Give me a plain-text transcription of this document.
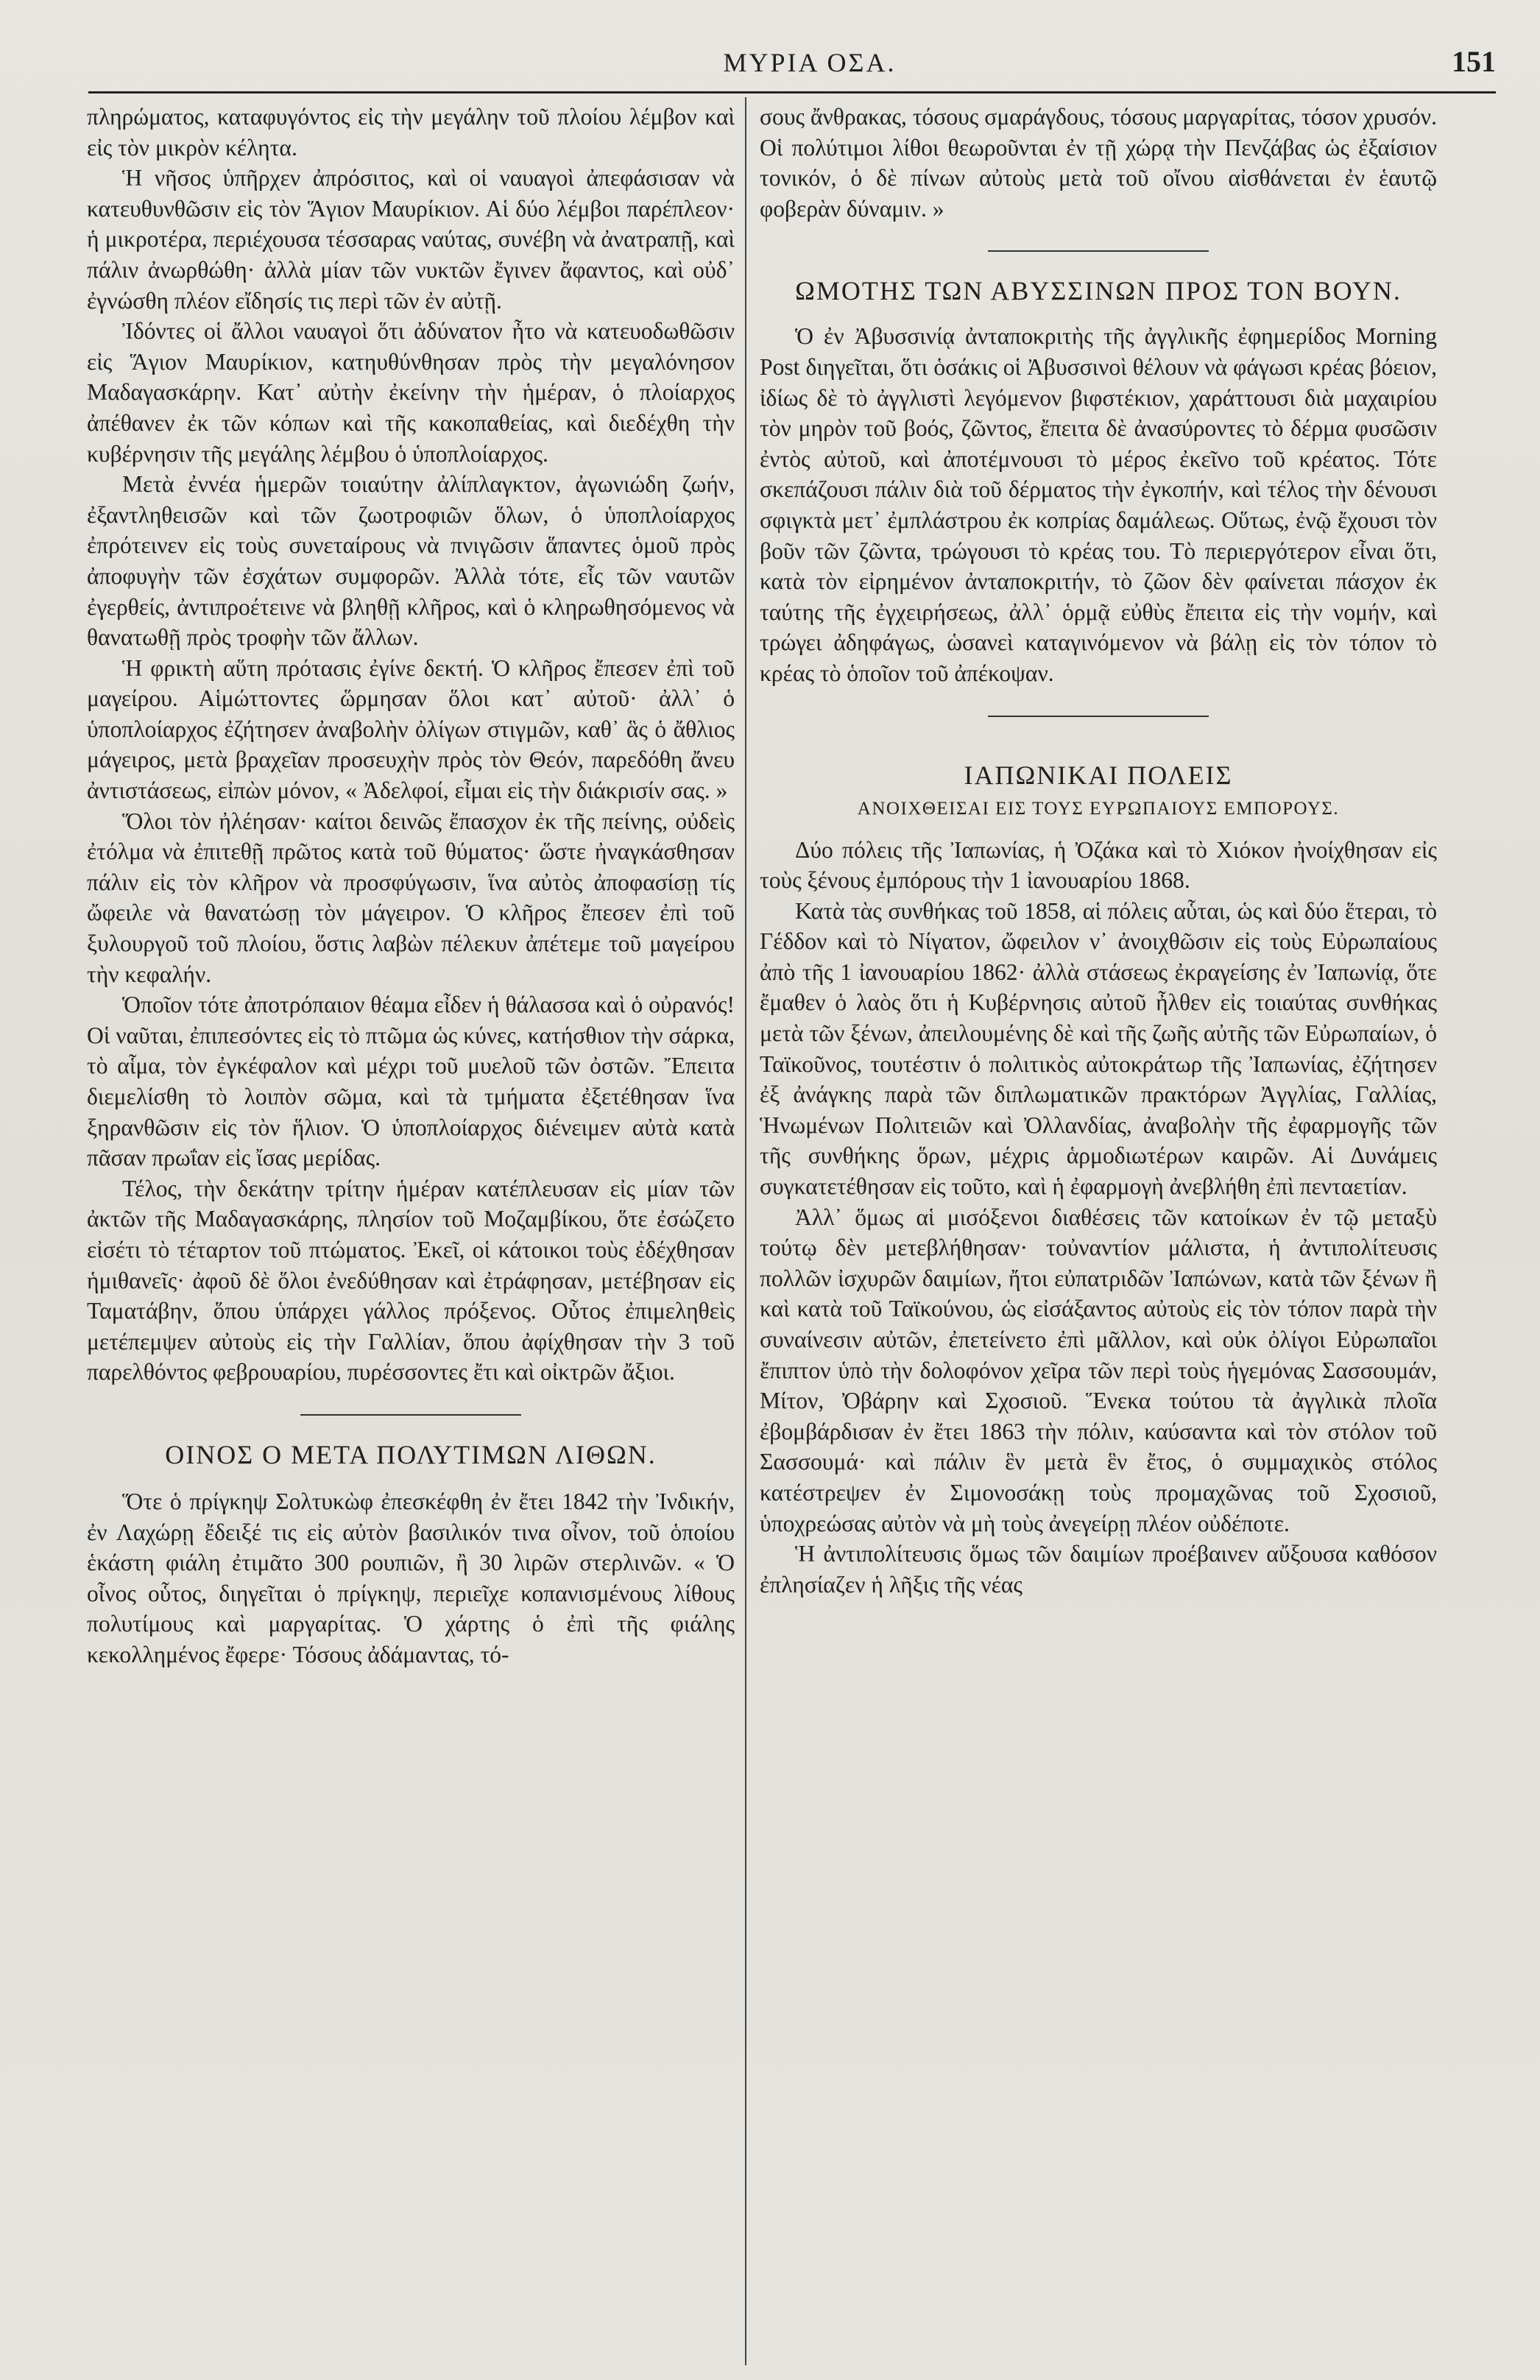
ΜΥΡΙΑ ΟΣΑ.	151

πληρώματος, καταφυγόντος εἰς τὴν μεγάλην τοῦ πλοίου λέμβον καὶ εἰς τὸν μικρὸν κέλητα.

Ἡ νῆσος ὑπῆρχεν ἀπρόσιτος, καὶ οἱ ναυαγοὶ ἀπεφάσισαν νὰ κατευθυνθῶσιν εἰς τὸν Ἅγιον Μαυρίκιον. Αἱ δύο λέμβοι παρέπλεον· ἡ μικροτέρα, περιέχουσα τέσσαρας ναύτας, συνέβη νὰ ἀνατραπῇ, καὶ πάλιν ἀνωρθώθη· ἀλλὰ μίαν τῶν νυκτῶν ἔγινεν ἄφαντος, καὶ οὐδ᾽ ἐγνώσθη πλέον εἴδησίς τις περὶ τῶν ἐν αὐτῇ.

Ἰδόντες οἱ ἄλλοι ναυαγοὶ ὅτι ἀδύνατον ἦτο νὰ κατευοδωθῶσιν εἰς Ἅγιον Μαυρίκιον, κατηυθύνθησαν πρὸς τὴν μεγαλόνησον Μαδαγασκάρην. Κατ᾽ αὐτὴν ἐκείνην τὴν ἡμέραν, ὁ πλοίαρχος ἀπέθανεν ἐκ τῶν κόπων καὶ τῆς κακοπαθείας, καὶ διεδέχθη τὴν κυβέρνησιν τῆς μεγάλης λέμβου ὁ ὑποπλοίαρχος.

Μετὰ ἐννέα ἡμερῶν τοιαύτην ἀλίπλαγκτον, ἀγωνιώδη ζωήν, ἐξαντληθεισῶν καὶ τῶν ζωοτροφιῶν ὅλων, ὁ ὑποπλοίαρχος ἐπρότεινεν εἰς τοὺς συνεταίρους νὰ πνιγῶσιν ἅπαντες ὁμοῦ πρὸς ἀποφυγὴν τῶν ἐσχάτων συμφορῶν. Ἀλλὰ τότε, εἷς τῶν ναυτῶν ἐγερθείς, ἀντιπροέτεινε νὰ βληθῇ κλῆρος, καὶ ὁ κληρωθησόμενος νὰ θανατωθῇ πρὸς τροφὴν τῶν ἄλλων.

Ἡ φρικτὴ αὕτη πρότασις ἐγίνε δεκτή. Ὁ κλῆρος ἔπεσεν ἐπὶ τοῦ μαγείρου. Αἱμώττοντες ὥρμησαν ὅλοι κατ᾽ αὐτοῦ· ἀλλ᾽ ὁ ὑποπλοίαρχος ἐζήτησεν ἀναβολὴν ὀλίγων στιγμῶν, καθ᾽ ἃς ὁ ἄθλιος μάγειρος, μετὰ βραχεῖαν προσευχὴν πρὸς τὸν Θεόν, παρεδόθη ἄνευ ἀντιστάσεως, εἰπὼν μόνον, « Ἀδελφοί, εἶμαι εἰς τὴν διάκρισίν σας. »

Ὅλοι τὸν ἠλέησαν· καίτοι δεινῶς ἔπασχον ἐκ τῆς πείνης, οὐδεὶς ἐτόλμα νὰ ἐπιτεθῇ πρῶτος κατὰ τοῦ θύματος· ὥστε ἠναγκάσθησαν πάλιν εἰς τὸν κλῆρον νὰ προσφύγωσιν, ἵνα αὐτὸς ἀποφασίσῃ τίς ὤφειλε νὰ θανατώσῃ τὸν μάγειρον. Ὁ κλῆρος ἔπεσεν ἐπὶ τοῦ ξυλουργοῦ τοῦ πλοίου, ὅστις λαβὼν πέλεκυν ἀπέτεμε τοῦ μαγείρου τὴν κεφαλήν.

Ὁποῖον τότε ἀποτρόπαιον θέαμα εἶδεν ἡ θάλασσα καὶ ὁ οὐρανός! Οἱ ναῦται, ἐπιπεσόντες εἰς τὸ πτῶμα ὡς κύνες, κατήσθιον τὴν σάρκα, τὸ αἷμα, τὸν ἐγκέφαλον καὶ μέχρι τοῦ μυελοῦ τῶν ὀστῶν. Ἔπειτα διεμελίσθη τὸ λοιπὸν σῶμα, καὶ τὰ τμήματα ἐξετέθησαν ἵνα ξηρανθῶσιν εἰς τὸν ἥλιον. Ὁ ὑποπλοίαρχος διένειμεν αὐτὰ κατὰ πᾶσαν πρωΐαν εἰς ἴσας μερίδας.

Τέλος, τὴν δεκάτην τρίτην ἡμέραν κατέπλευσαν εἰς μίαν τῶν ἀκτῶν τῆς Μαδαγασκάρης, πλησίον τοῦ Μοζαμβίκου, ὅτε ἐσώζετο εἰσέτι τὸ τέταρτον τοῦ πτώματος. Ἐκεῖ, οἱ κάτοικοι τοὺς ἐδέχθησαν ἡμιθανεῖς· ἀφοῦ δὲ ὅλοι ἐνεδύθησαν καὶ ἐτράφησαν, μετέβησαν εἰς Ταματάβην, ὅπου ὑπάρχει γάλλος πρόξενος. Οὗτος ἐπιμεληθεὶς μετέπεμψεν αὐτοὺς εἰς τὴν Γαλλίαν, ὅπου ἀφίχθησαν τὴν 3 τοῦ παρελθόντος φεβρουαρίου, πυρέσσοντες ἔτι καὶ οἰκτρῶν ἄξιοι.

ΟΙΝΟΣ Ο ΜΕΤΑ ΠΟΛΥΤΙΜΩΝ ΛΙΘΩΝ.

Ὅτε ὁ πρίγκηψ Σολτυκὼφ ἐπεσκέφθη ἐν ἔτει 1842 τὴν Ἰνδικήν, ἐν Λαχώρῃ ἔδειξέ τις εἰς αὐτὸν βασιλικόν τινα οἶνον, τοῦ ὁποίου ἑκάστη φιάλη ἐτιμᾶτο 300 ρουπιῶν, ἢ 30 λιρῶν στερλινῶν. « Ὁ οἶνος οὗτος, διηγεῖται ὁ πρίγκηψ, περιεῖχε κοπανισμένους λίθους πολυτίμους καὶ μαργαρίτας. Ὁ χάρτης ὁ ἐπὶ τῆς φιάλης κεκολλημένος ἔφερε· Τόσους ἀδάμαντας, τό-

σους ἄνθρακας, τόσους σμαράγδους, τόσους μαργαρίτας, τόσον χρυσόν. Οἱ πολύτιμοι λίθοι θεωροῦνται ἐν τῇ χώρᾳ τὴν Πενζάβας ὡς ἐξαίσιον τονικόν, ὁ δὲ πίνων αὐτοὺς μετὰ τοῦ οἴνου αἰσθάνεται ἐν ἑαυτῷ φοβερὰν δύναμιν. »

ΩΜΟΤΗΣ ΤΩΝ ΑΒΥΣΣΙΝΩΝ ΠΡΟΣ ΤΟΝ ΒΟΥΝ.

Ὁ ἐν Ἀβυσσινίᾳ ἀνταποκριτὴς τῆς ἀγγλικῆς ἐφημερίδος Morning Post διηγεῖται, ὅτι ὁσάκις οἱ Ἀβυσσινοὶ θέλουν νὰ φάγωσι κρέας βόειον, ἰδίως δὲ τὸ ἀγγλιστὶ λεγόμενον βιφστέκιον, χαράττουσι διὰ μαχαιρίου τὸν μηρὸν τοῦ βοός, ζῶντος, ἔπειτα δὲ ἀνασύροντες τὸ δέρμα φυσῶσιν ἐντὸς αὐτοῦ, καὶ ἀποτέμνουσι τὸ μέρος ἐκεῖνο τοῦ κρέατος. Τότε σκεπάζουσι πάλιν διὰ τοῦ δέρματος τὴν ἐγκοπήν, καὶ τέλος τὴν δένουσι σφιγκτὰ μετ᾽ ἐμπλάστρου ἐκ κοπρίας δαμάλεως. Οὕτως, ἐνῷ ἔχουσι τὸν βοῦν τῶν ζῶντα, τρώγουσι τὸ κρέας του. Τὸ περιεργότερον εἶναι ὅτι, κατὰ τὸν εἰρημένον ἀνταποκριτήν, τὸ ζῶον δὲν φαίνεται πάσχον ἐκ ταύτης τῆς ἐγχειρήσεως, ἀλλ᾽ ὁρμᾷ εὐθὺς ἔπειτα εἰς τὴν νομήν, καὶ τρώγει ἀδηφάγως, ὡσανεὶ καταγινόμενον νὰ βάλῃ εἰς τὸν τόπον τὸ κρέας τὸ ὁποῖον τοῦ ἀπέκοψαν.

ΙΑΠΩΝΙΚΑΙ ΠΟΛΕΙΣ
ΑΝΟΙΧΘΕΙΣΑΙ ΕΙΣ ΤΟΥΣ ΕΥΡΩΠΑΙΟΥΣ ΕΜΠΟΡΟΥΣ.

Δύο πόλεις τῆς Ἰαπωνίας, ἡ Ὀζάκα καὶ τὸ Χιόκον ἠνοίχθησαν εἰς τοὺς ξένους ἐμπόρους τὴν 1 ἰανουαρίου 1868.

Κατὰ τὰς συνθήκας τοῦ 1858, αἱ πόλεις αὗται, ὡς καὶ δύο ἕτεραι, τὸ Γέδδον καὶ τὸ Νίγατον, ὤφειλον ν᾽ ἀνοιχθῶσιν εἰς τοὺς Εὐρωπαίους ἀπὸ τῆς 1 ἰανουαρίου 1862· ἀλλὰ στάσεως ἐκραγείσης ἐν Ἰαπωνίᾳ, ὅτε ἔμαθεν ὁ λαὸς ὅτι ἡ Κυβέρνησις αὐτοῦ ἦλθεν εἰς τοιαύτας συνθήκας μετὰ τῶν ξένων, ἀπειλουμένης δὲ καὶ τῆς ζωῆς αὐτῆς τῶν Εὐρωπαίων, ὁ Ταϊκοῦνος, τουτέστιν ὁ πολιτικὸς αὐτοκράτωρ τῆς Ἰαπωνίας, ἐζήτησεν ἐξ ἀνάγκης παρὰ τῶν διπλωματικῶν πρακτόρων Ἀγγλίας, Γαλλίας, Ἡνωμένων Πολιτειῶν καὶ Ὀλλανδίας, ἀναβολὴν τῆς ἐφαρμογῆς τῶν τῆς συνθήκης ὅρων, μέχρις ἁρμοδιωτέρων καιρῶν. Αἱ Δυνάμεις συγκατετέθησαν εἰς τοῦτο, καὶ ἡ ἐφαρμογὴ ἀνεβλήθη ἐπὶ πενταετίαν.

Ἀλλ᾽ ὅμως αἱ μισόξενοι διαθέσεις τῶν κατοίκων ἐν τῷ μεταξὺ τούτῳ δὲν μετεβλήθησαν· τοὐναντίον μάλιστα, ἡ ἀντιπολίτευσις πολλῶν ἰσχυρῶν δαιμίων, ἤτοι εὐπατριδῶν Ἰαπώνων, κατὰ τῶν ξένων ἢ καὶ κατὰ τοῦ Ταϊκούνου, ὡς εἰσάξαντος αὐτοὺς εἰς τὸν τόπον παρὰ τὴν συναίνεσιν αὐτῶν, ἐπετείνετο ἐπὶ μᾶλλον, καὶ οὐκ ὀλίγοι Εὐρωπαῖοι ἔπιπτον ὑπὸ τὴν δολοφόνον χεῖρα τῶν περὶ τοὺς ἡγεμόνας Σασσουμάν, Μίτον, Ὀβάρην καὶ Σχοσιοῦ. Ἕνεκα τούτου τὰ ἀγγλικὰ πλοῖα ἐβομβάρδισαν ἐν ἔτει 1863 τὴν πόλιν, καύσαντα καὶ τὸν στόλον τοῦ Σασσουμά· καὶ πάλιν ἓν μετὰ ἓν ἔτος, ὁ συμμαχικὸς στόλος κατέστρεψεν ἐν Σιμονοσάκῃ τοὺς προμαχῶνας τοῦ Σχοσιοῦ, ὑποχρεώσας αὐτὸν νὰ μὴ τοὺς ἀνεγείρῃ πλέον οὐδέποτε.

Ἡ ἀντιπολίτευσις ὅμως τῶν δαιμίων προέβαινεν αὔξουσα καθόσον ἐπλησίαζεν ἡ λῆξις τῆς νέας
